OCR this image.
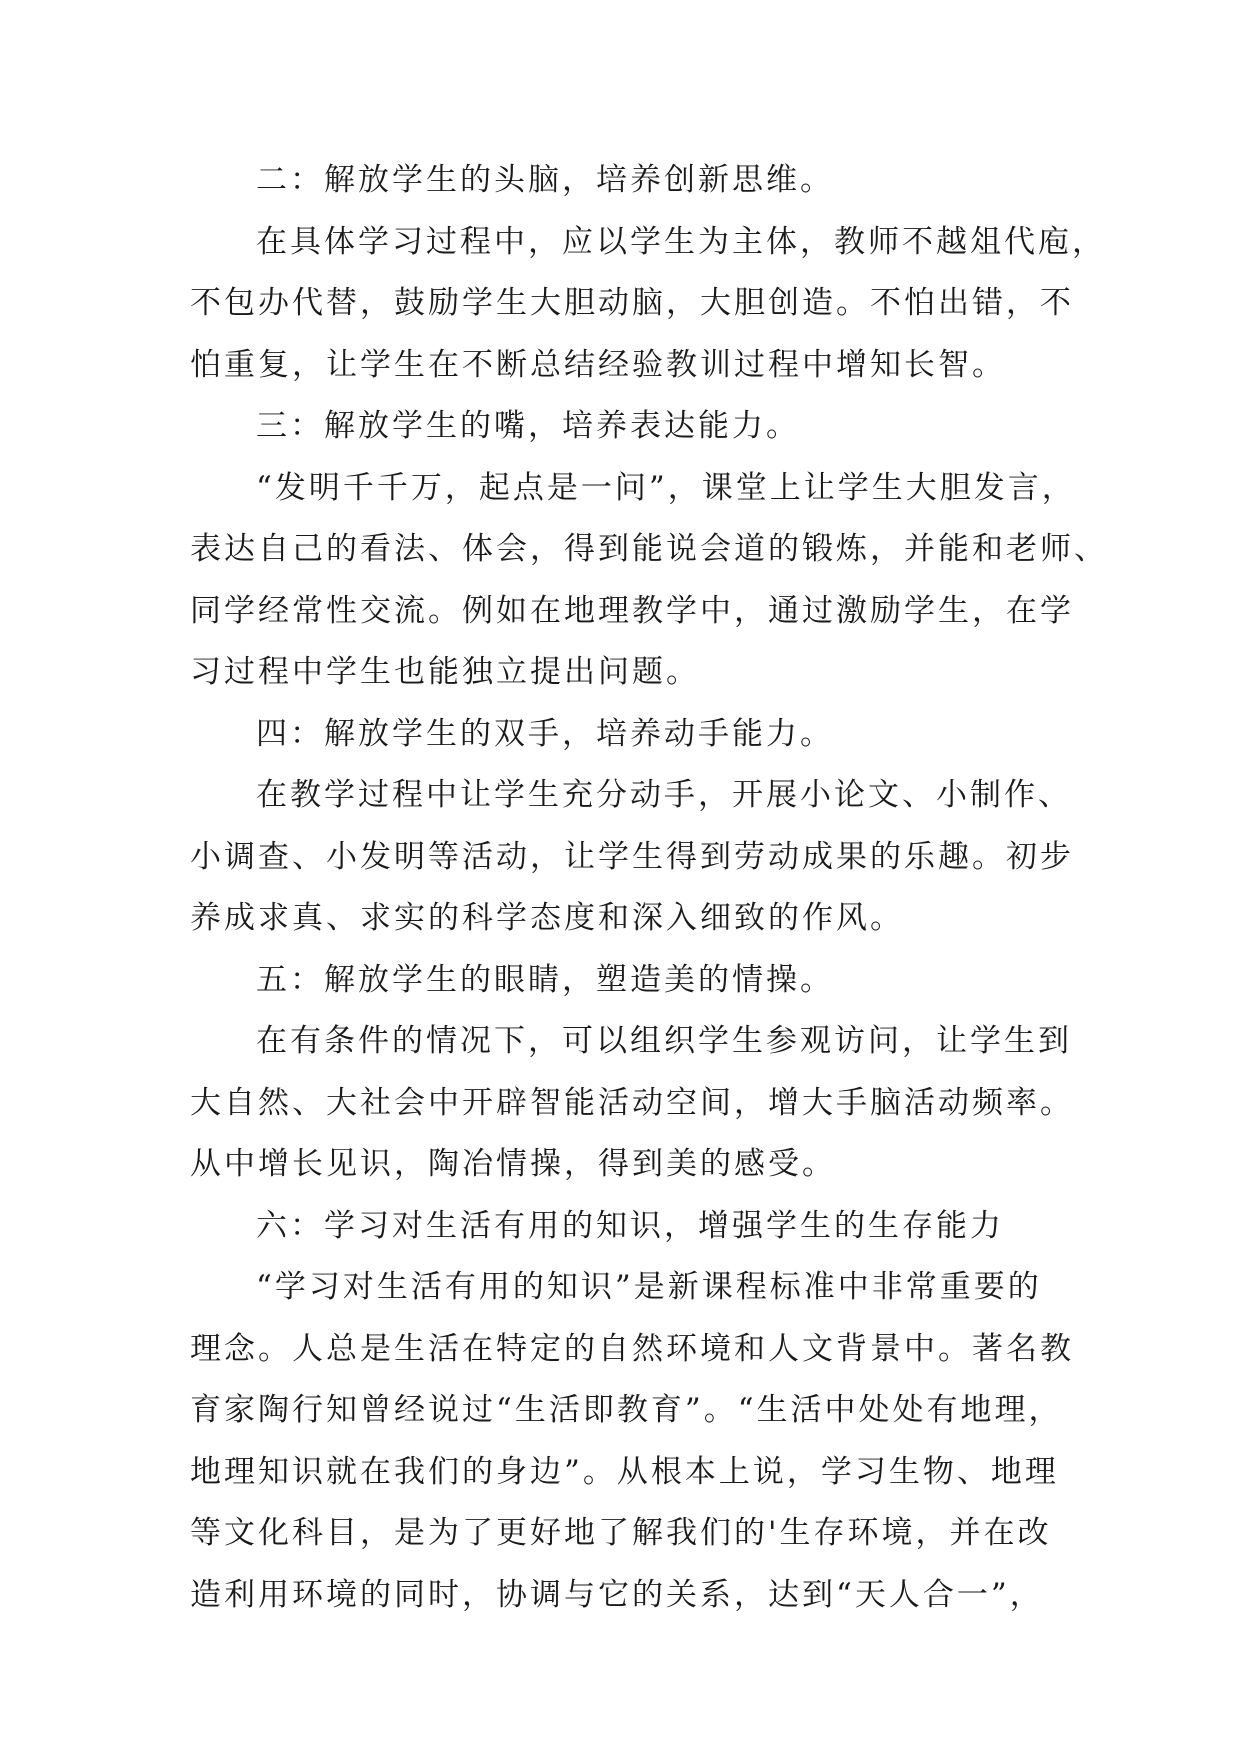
二：解放学生的头脑，培养创新思维。
在具体学习过程中，应以学生为主体，教师不越俎代庖，
不包办代替，鼓励学生大胆动脑，大胆创造。不怕出错，不
怕重复，让学生在不断总结经验教训过程中增知长智。
三：解放学生的嘴，培养表达能力。
“发明千千万，起点是一问”，课堂上让学生大胆发言，
表达自己的看法、体会，得到能说会道的锻炼，并能和老师、
同学经常性交流。例如在地理教学中，通过激励学生，在学
习过程中学生也能独立提出问题。
四：解放学生的双手，培养动手能力。
在教学过程中让学生充分动手，开展小论文、小制作、
小调查、小发明等活动，让学生得到劳动成果的乐趣。初步
养成求真、求实的科学态度和深入细致的作风。
五：解放学生的眼睛，塑造美的情操。
在有条件的情况下，可以组织学生参观访问，让学生到
大自然、大社会中开辟智能活动空间，增大手脑活动频率。
从中增长见识，陶冶情操，得到美的感受。
六：学习对生活有用的知识，增强学生的生存能力
“学习对生活有用的知识”是新课程标准中非常重要的
理念。人总是生活在特定的自然环境和人文背景中。著名教
育家陶行知曾经说过“生活即教育”。“生活中处处有地理，
地理知识就在我们的身边”。从根本上说，学习生物、地理
等文化科目，是为了更好地了解我们的'生存环境，并在改
造利用环境的同时，协调与它的关系，达到“天人合一”，
